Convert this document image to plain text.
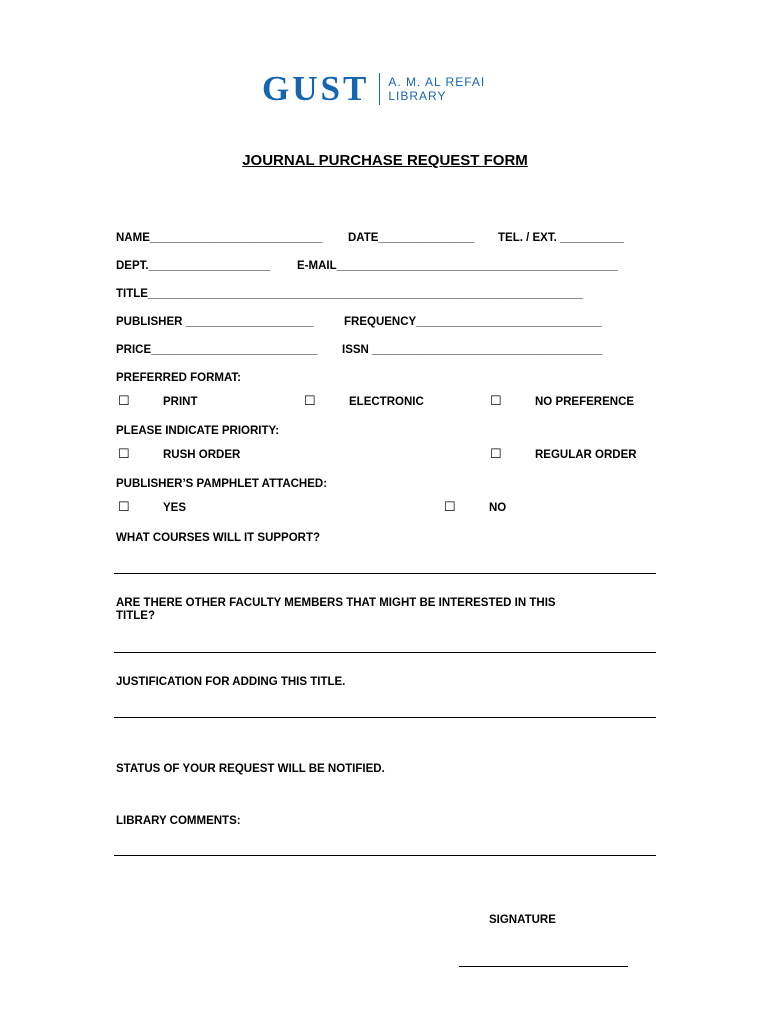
GUST A. M. AL REFAI
LIBRARY
JOURNAL PURCHASE REQUEST FORM
NAME___________________________ DATE_______________ TEL. / EXT. __________
DEPT.___________________ E-MAIL____________________________________________
TITLE____________________________________________________________________
PUBLISHER ____________________	FREQUENCY_____________________________
PRICE__________________________ ISSN ____________________________________
PREFERRED FORMAT:
☐	PRINT	☐	ELECTRONIC	☐	NO PREFERENCE
PLEASE INDICATE PRIORITY:
☐	RUSH ORDER	☐	REGULAR ORDER
PUBLISHER’S PAMPHLET ATTACHED:
☐	YES	☐	NO
WHAT COURSES WILL IT SUPPORT?
ARE THERE OTHER FACULTY MEMBERS THAT MIGHT BE INTERESTED IN THIS
TITLE?
JUSTIFICATION FOR ADDING THIS TITLE.
STATUS OF YOUR REQUEST WILL BE NOTIFIED.
LIBRARY COMMENTS:
SIGNATURE
